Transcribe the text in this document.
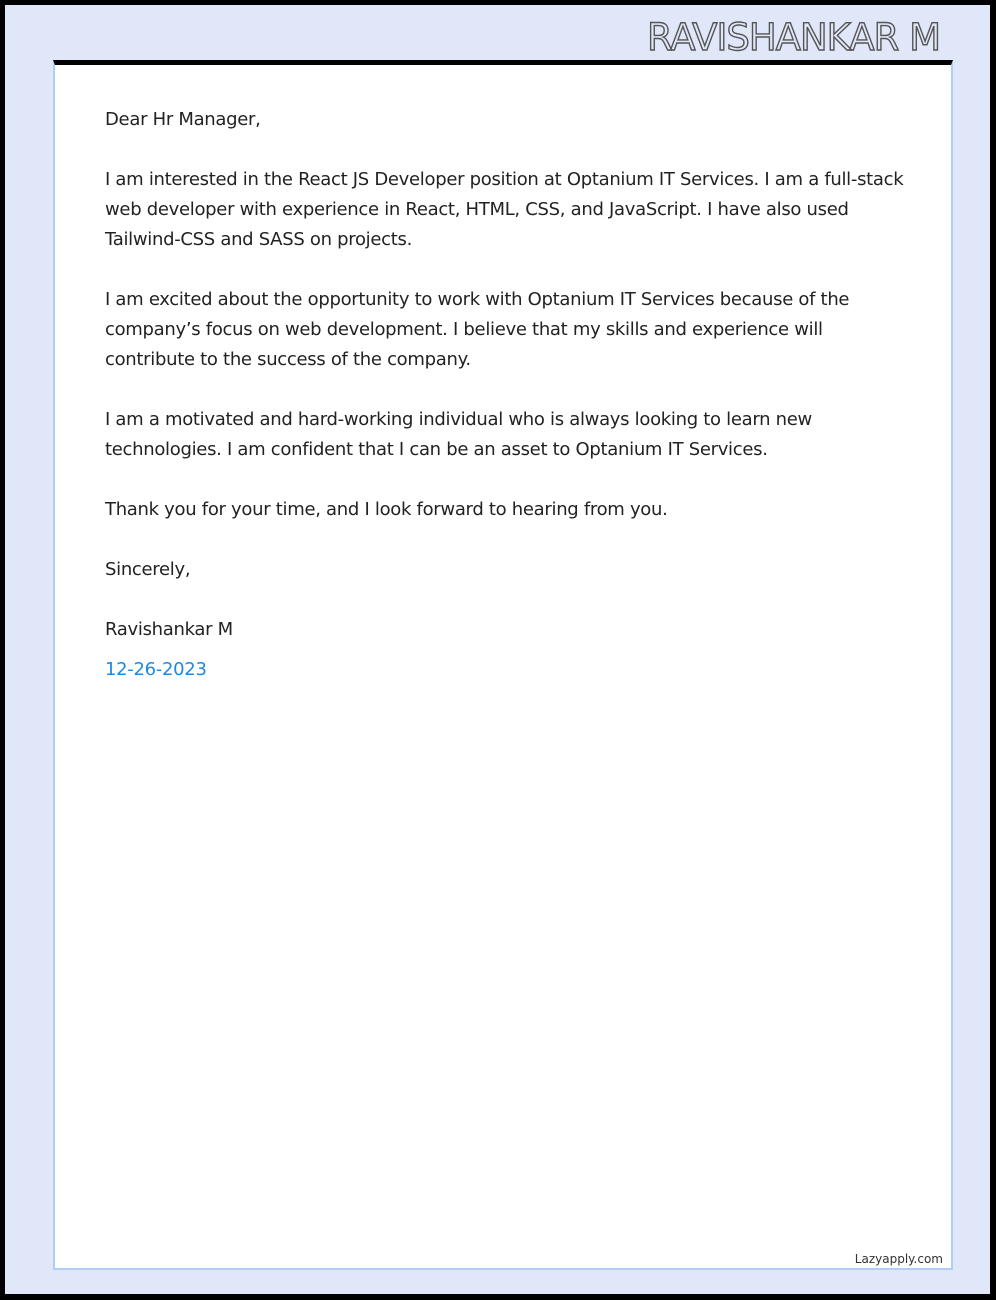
RAVISHANKAR M

Dear Hr Manager,

I am interested in the React JS Developer position at Optanium IT Services. I am a full-stack web developer with experience in React, HTML, CSS, and JavaScript. I have also used Tailwind-CSS and SASS on projects.

I am excited about the opportunity to work with Optanium IT Services because of the company’s focus on web development. I believe that my skills and experience will contribute to the success of the company.

I am a motivated and hard-working individual who is always looking to learn new technologies. I am confident that I can be an asset to Optanium IT Services.

Thank you for your time, and I look forward to hearing from you.

Sincerely,

Ravishankar M

12-26-2023

Lazyapply.com
